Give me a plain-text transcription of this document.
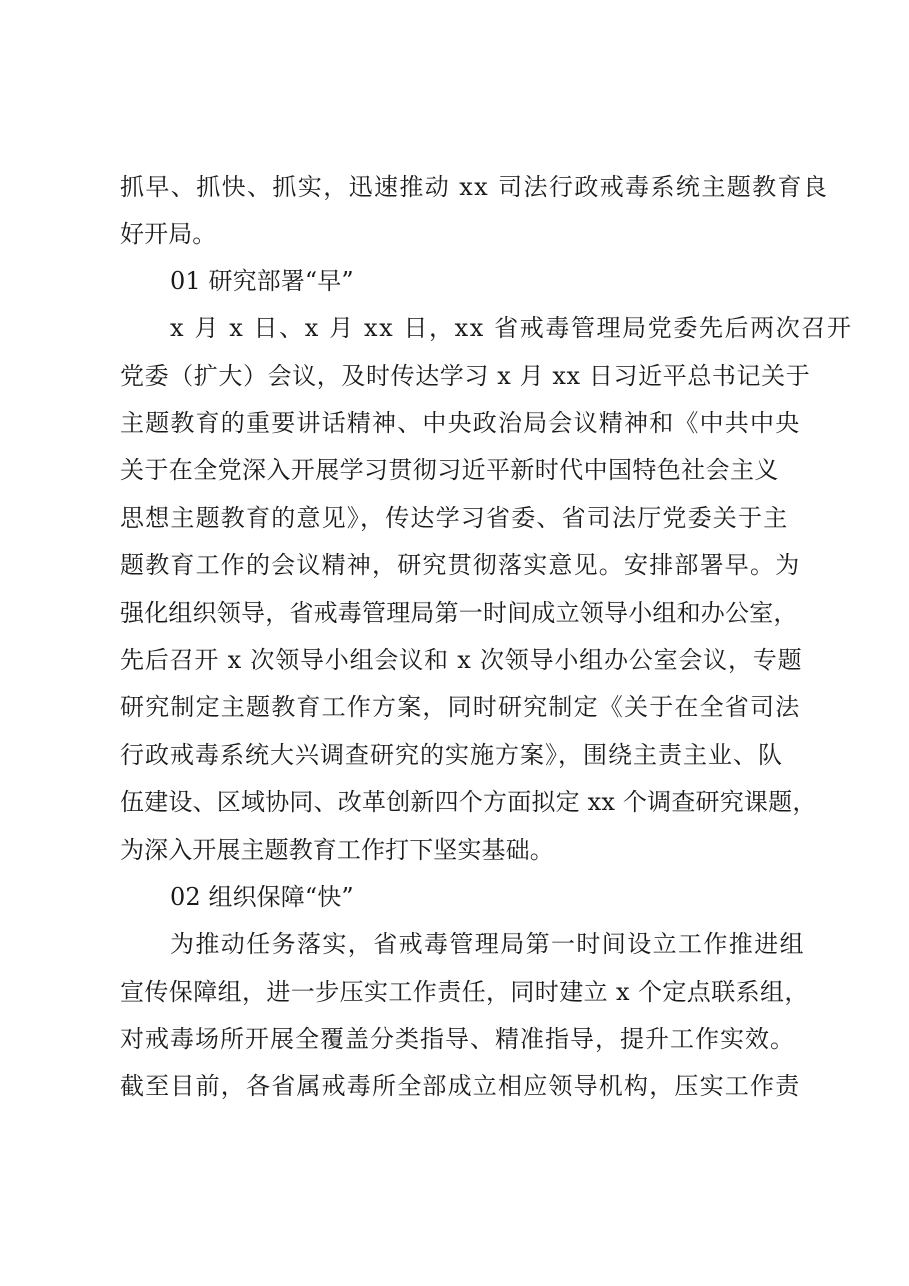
抓早、抓快、抓实，迅速推动 xx 司法行政戒毒系统主题教育良
好开局。
01 研究部署“早”
x 月 x 日、x 月 xx 日，xx 省戒毒管理局党委先后两次召开
党委（扩大）会议，及时传达学习 x 月 xx 日习近平总书记关于
主题教育的重要讲话精神、中央政治局会议精神和《中共中央
关于在全党深入开展学习贯彻习近平新时代中国特色社会主义
思想主题教育的意见》，传达学习省委、省司法厅党委关于主
题教育工作的会议精神，研究贯彻落实意见。安排部署早。为
强化组织领导，省戒毒管理局第一时间成立领导小组和办公室，
先后召开 x 次领导小组会议和 x 次领导小组办公室会议，专题
研究制定主题教育工作方案，同时研究制定《关于在全省司法
行政戒毒系统大兴调查研究的实施方案》，围绕主责主业、队
伍建设、区域协同、改革创新四个方面拟定 xx 个调查研究课题，
为深入开展主题教育工作打下坚实基础。
02 组织保障“快”
为推动任务落实，省戒毒管理局第一时间设立工作推进组
宣传保障组，进一步压实工作责任，同时建立 x 个定点联系组，
对戒毒场所开展全覆盖分类指导、精准指导，提升工作实效。
截至目前，各省属戒毒所全部成立相应领导机构，压实工作责
